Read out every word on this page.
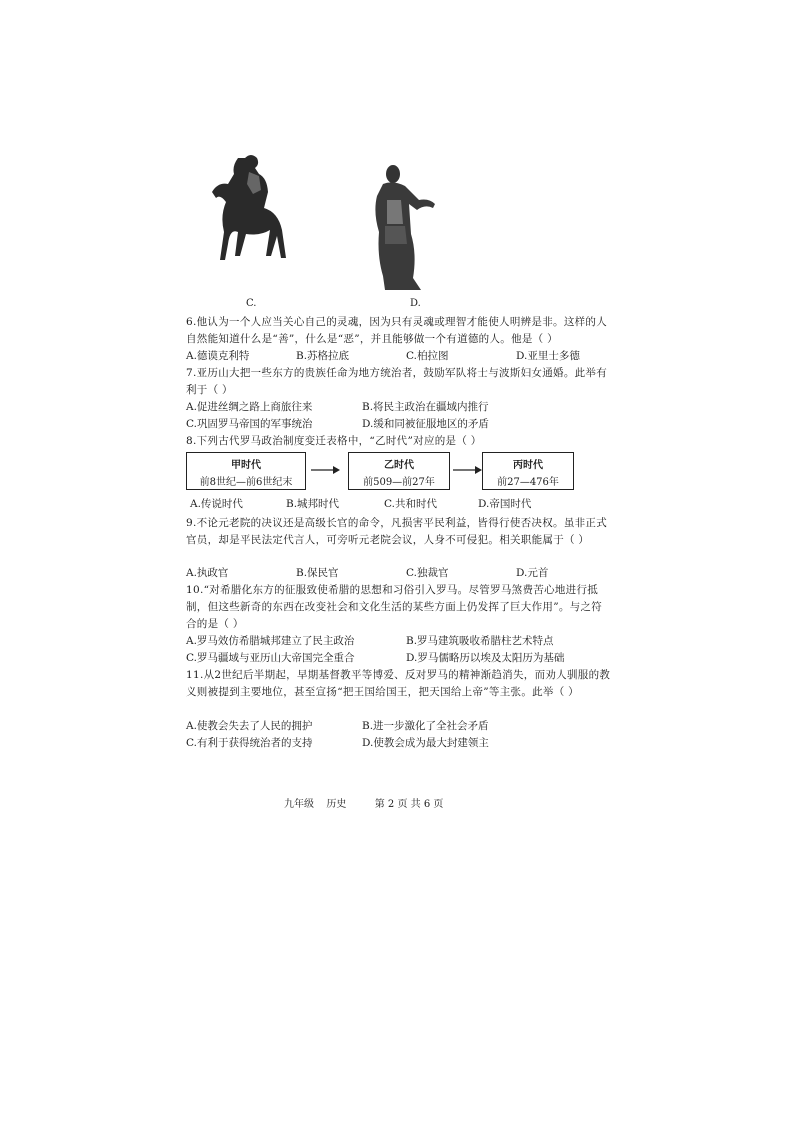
C.	D.
6.他认为一个人应当关心自己的灵魂，因为只有灵魂或理智才能使人明辨是非。这样的人自然能知道什么是“善”，什么是“恶”，并且能够做一个有道德的人。他是（ ）
A.德谟克利特	B.苏格拉底	C.柏拉图	D.亚里士多德
7.亚历山大把一些东方的贵族任命为地方统治者，鼓励军队将士与波斯妇女通婚。此举有利于（ ）
A.促进丝绸之路上商旅往来	B.将民主政治在疆域内推行
C.巩固罗马帝国的军事统治	D.缓和同被征服地区的矛盾
8.下列古代罗马政治制度变迁表格中，“乙时代”对应的是（ ）
甲时代
前8世纪—前6世纪末
乙时代
前509—前27年
丙时代
前27—476年
A.传说时代	B.城邦时代	C.共和时代	D.帝国时代
9.不论元老院的决议还是高级长官的命令，凡损害平民利益，皆得行使否决权。虽非正式官员，却是平民法定代言人，可旁听元老院会议，人身不可侵犯。相关职能属于（ ）
A.执政官	B.保民官	C.独裁官	D.元首
10.“对希腊化东方的征服致使希腊的思想和习俗引入罗马。尽管罗马煞费苦心地进行抵制，但这些新奇的东西在改变社会和文化生活的某些方面上仍发挥了巨大作用”。与之符合的是（ ）
A.罗马效仿希腊城邦建立了民主政治	B.罗马建筑吸收希腊柱艺术特点
C.罗马疆域与亚历山大帝国完全重合	D.罗马儒略历以埃及太阳历为基础
11.从2世纪后半期起，早期基督教平等博爱、反对罗马的精神渐趋消失，而劝人驯服的教义则被提到主要地位，甚至宣扬“把王国给国王，把天国给上帝”等主张。此举（ ）
A.使教会失去了人民的拥护	B.进一步激化了全社会矛盾
C.有利于获得统治者的支持	D.使教会成为最大封建领主
九年级 历史	第 2 页 共 6 页
